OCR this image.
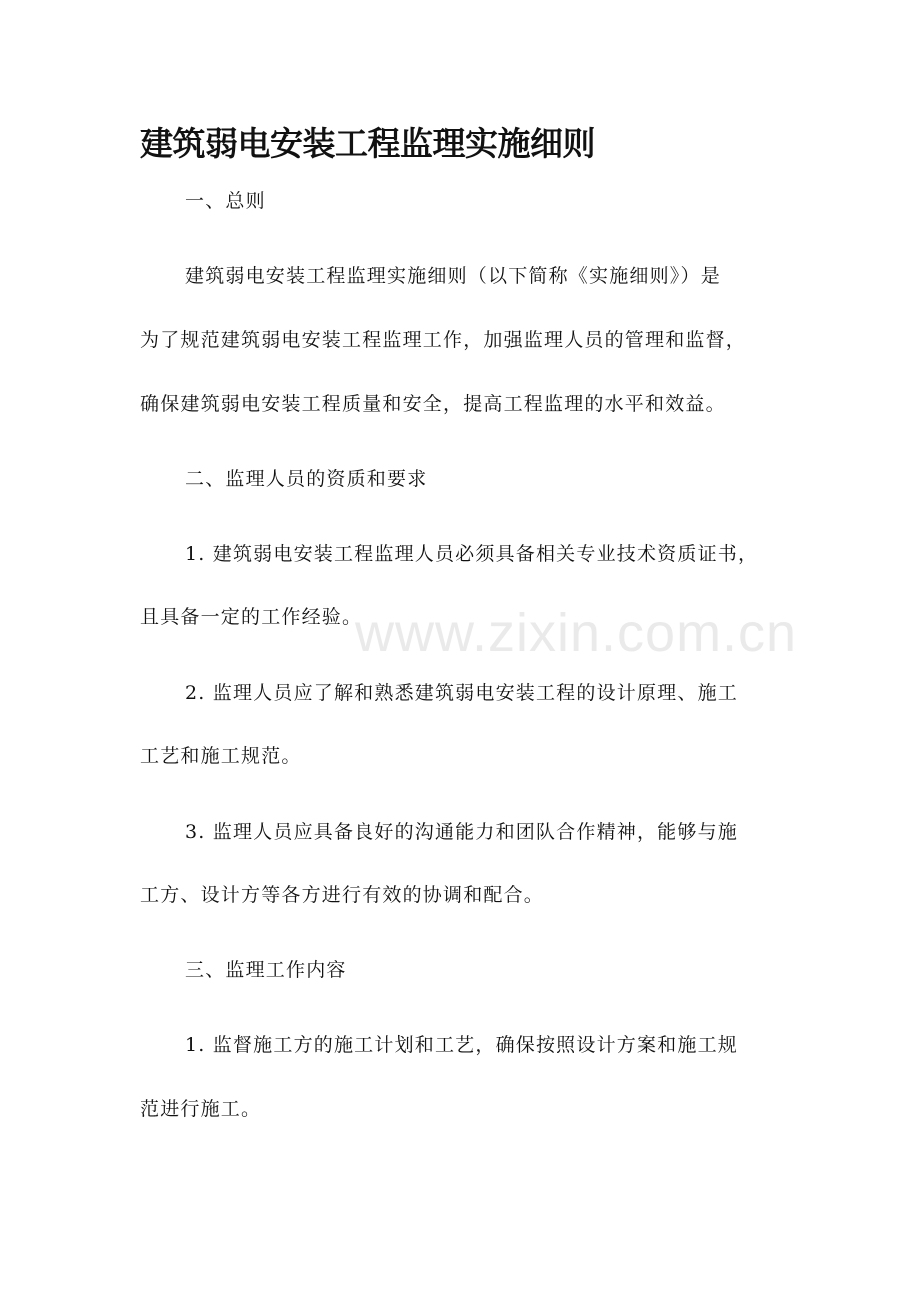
建筑弱电安装工程监理实施细则
一、总则
建筑弱电安装工程监理实施细则（以下简称《实施细则》）是
为了规范建筑弱电安装工程监理工作，加强监理人员的管理和监督，
确保建筑弱电安装工程质量和安全，提高工程监理的水平和效益。
二、监理人员的资质和要求
1. 建筑弱电安装工程监理人员必须具备相关专业技术资质证书，
且具备一定的工作经验。
2. 监理人员应了解和熟悉建筑弱电安装工程的设计原理、施工
工艺和施工规范。
3. 监理人员应具备良好的沟通能力和团队合作精神，能够与施
工方、设计方等各方进行有效的协调和配合。
三、监理工作内容
1. 监督施工方的施工计划和工艺，确保按照设计方案和施工规
范进行施工。
www.zixin.com.cn
